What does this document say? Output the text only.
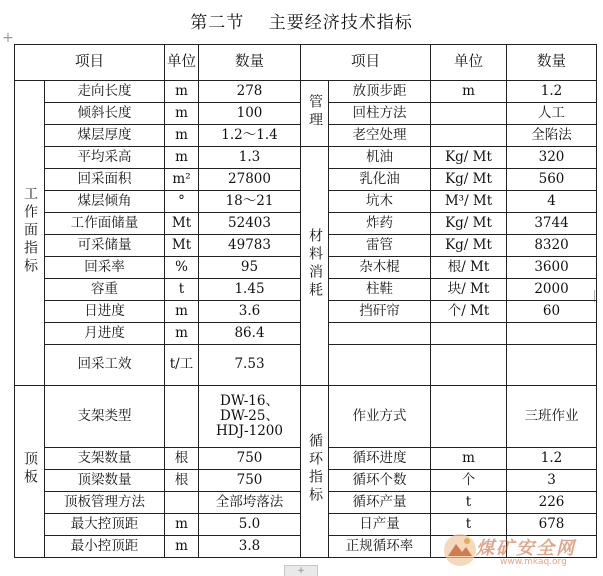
第二节　 主要经济技术指标
+
项目		单位	数量	项目		单位	数量
工作面指标	走向长度	m	278	管理	放顶步距	m	1.2
	倾斜长度	m	100		回柱方法		人工
	煤层厚度	m	1.2～1.4		老空处理		全陷法
	平均采高	m	1.3	材料消耗	机油	Kg/ Mt	320
	回采面积	m²	27800		乳化油	Kg/ Mt	560
	煤层倾角	°	18～21		坑木	M³/ Mt	4
	工作面储量	Mt	52403		炸药	Kg/ Mt	3744
	可采储量	Mt	49783		雷管	Kg/ Mt	8320
	回采率	%	95		杂木棍	根/ Mt	3600
	容重	t	1.45		柱鞋	块/ Mt	2000
	日进度	m	3.6		挡矸帘	个/ Mt	60
	月进度	m	86.4				
	回采工效	t/工	7.53				
顶板	支架类型		DW-16、
DW-25、
HDJ-1200	循环指标	作业方式		三班作业
	支架数量	根	750		循环进度	m	1.2
	顶梁数量	根	750		循环个数	个	3
	顶板管理方法		全部垮落法		循环产量	t	226
	最大控顶距	m	5.0		日产量	t	678
	最小控顶距	m	3.8		正规循环率			煤矿安全网
www.mkaq.org
+
